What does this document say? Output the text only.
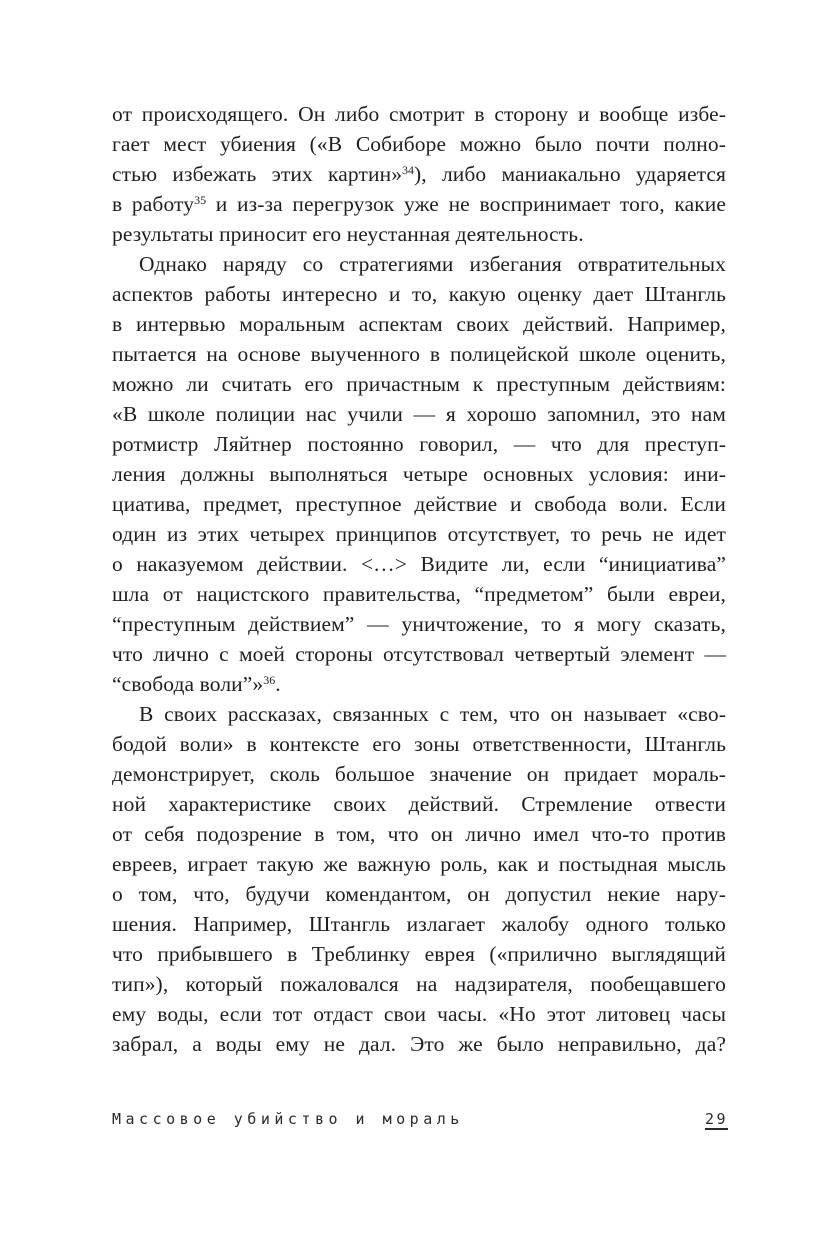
от происходящего. Он либо смотрит в сторону и вообще избе-
гает мест убиения («В Собиборе можно было почти полно-
стью избежать этих картин»$^{34}$), либо маниакально ударяется
в работу$^{35}$ и из-за перегрузок уже не воспринимает того, какие
результаты приносит его неустанная деятельность.
Однако наряду со стратегиями избегания отвратительных
аспектов работы интересно и то, какую оценку дает Штангль
в интервью моральным аспектам своих действий. Например,
пытается на основе выученного в полицейской школе оценить,
можно ли считать его причастным к преступным действиям:
«В школе полиции нас учили — я хорошо запомнил, это нам
ротмистр Ляйтнер постоянно говорил, — что для преступ-
ления должны выполняться четыре основных условия: ини-
циатива, предмет, преступное действие и свобода воли. Если
один из этих четырех принципов отсутствует, то речь не идет
о наказуемом действии. <…> Видите ли, если “инициатива”
шла от нацистского правительства, “предметом” были евреи,
“преступным действием” — уничтожение, то я могу сказать,
что лично с моей стороны отсутствовал четвертый элемент —
“свобода воли”»$^{36}$.
В своих рассказах, связанных с тем, что он называет «сво-
бодой воли» в контексте его зоны ответственности, Штангль
демонстрирует, сколь большое значение он придает мораль-
ной характеристике своих действий. Стремление отвести
от себя подозрение в том, что он лично имел что-то против
евреев, играет такую же важную роль, как и постыдная мысль
о том, что, будучи комендантом, он допустил некие нару-
шения. Например, Штангль излагает жалобу одного только
что прибывшего в Треблинку еврея («прилично выглядящий
тип»), который пожаловался на надзирателя, пообещавшего
ему воды, если тот отдаст свои часы. «Но этот литовец часы
забрал, а воды ему не дал. Это же было неправильно, да?
Массовое убийство и мораль	29
